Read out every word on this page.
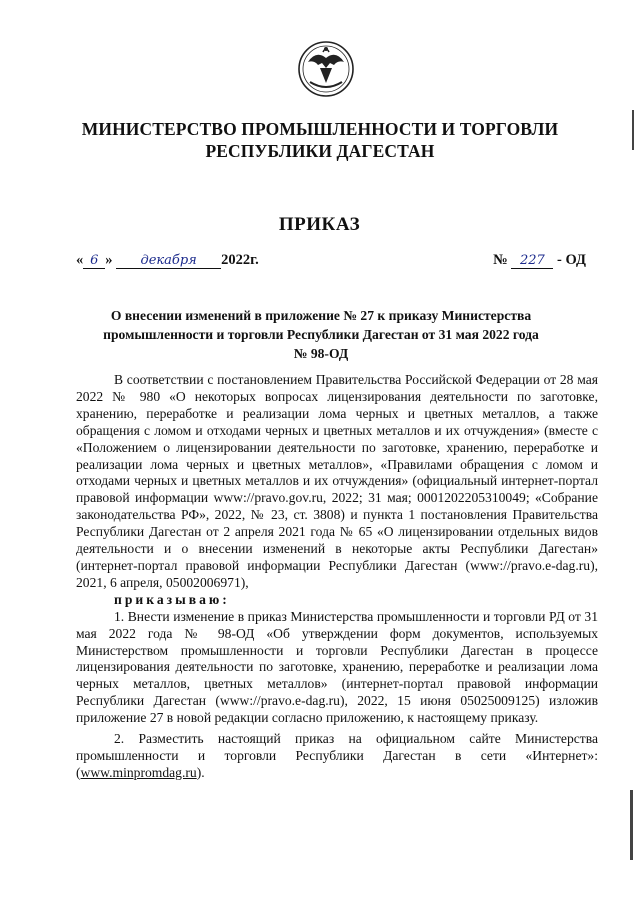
МИНИСТЕРСТВО ПРОМЫШЛЕННОСТИ И ТОРГОВЛИ
РЕСПУБЛИКИ ДАГЕСТАН
ПРИКАЗ
« 6 » декабря 2022г.	№ 227 - ОД
О внесении изменений в приложение № 27 к приказу Министерства
промышленности и торговли Республики Дагестан от 31 мая 2022 года
№ 98-ОД

В соответствии с постановлением Правительства Российской Федерации от 28 мая 2022 № 980 «О некоторых вопросах лицензирования деятельности по заготовке, хранению, переработке и реализации лома черных и цветных металлов, а также обращения с ломом и отходами черных и цветных металлов и их отчуждения» (вместе с «Положением о лицензировании деятельности по заготовке, хранению, переработке и реализации лома черных и цветных металлов», «Правилами обращения с ломом и отходами черных и цветных металлов и их отчуждения» (официальный интернет-портал правовой информации www://pravo.gov.ru, 2022; 31 мая; 0001202205310049; «Собрание законодательства РФ», 2022, № 23, ст. 3808) и пункта 1 постановления Правительства Республики Дагестан от 2 апреля 2021 года № 65 «О лицензировании отдельных видов деятельности и о внесении изменений в некоторые акты Республики Дагестан» (интернет-портал правовой информации Республики Дагестан (www://pravo.e-dag.ru), 2021, 6 апреля, 05002006971),

приказываю:

1. Внести изменение в приказ Министерства промышленности и торговли РД от 31 мая 2022 года № 98-ОД «Об утверждении форм документов, используемых Министерством промышленности и торговли Республики Дагестан в процессе лицензирования деятельности по заготовке, хранению, переработке и реализации лома черных металлов, цветных металлов» (интернет-портал правовой информации Республики Дагестан (www://pravo.e-dag.ru), 2022, 15 июня 05025009125) изложив приложение 27 в новой редакции согласно приложению, к настоящему приказу.

2. Разместить настоящий приказ на официальном сайте Министерства промышленности и торговли Республики Дагестан в сети «Интернет»: (www.minpromdag.ru).
